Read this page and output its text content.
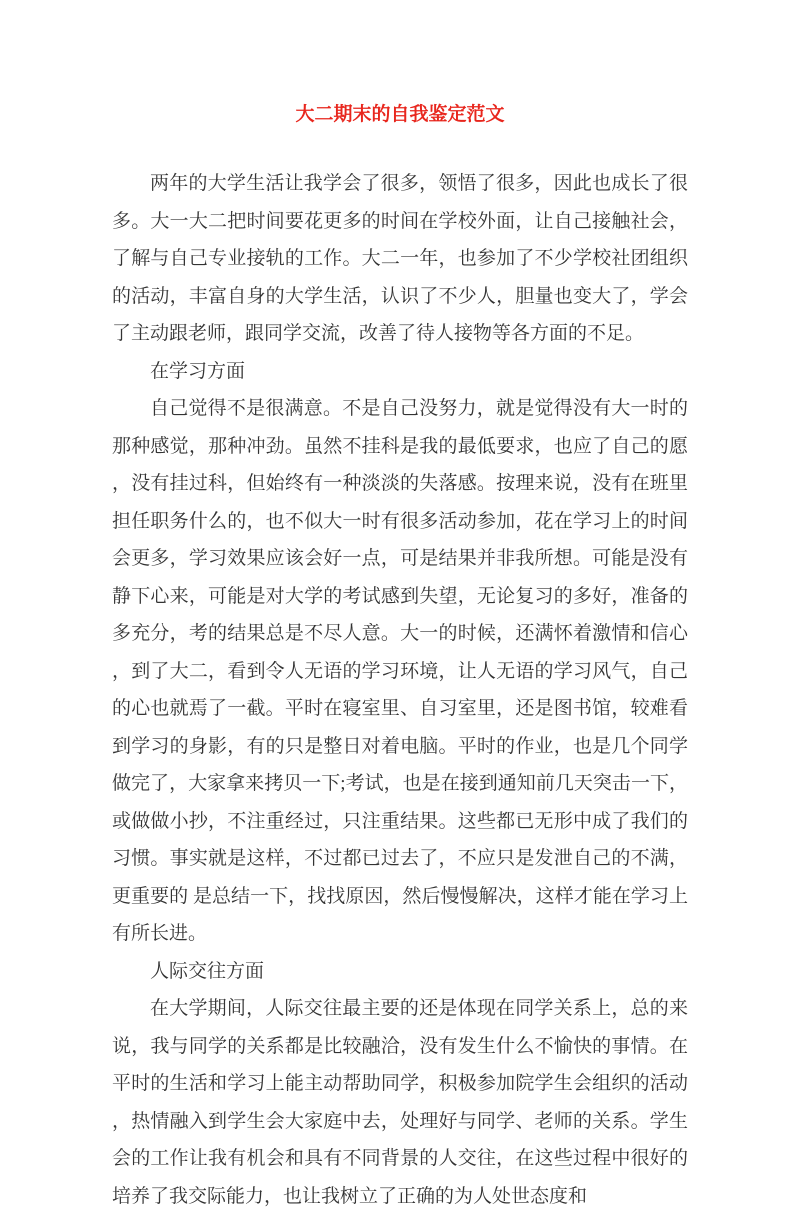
大二期末的自我鉴定范文

两年的大学生活让我学会了很多，领悟了很多，因此也成长了很多。大一大二把时间要花更多的时间在学校外面，让自己接触社会，了解与自己专业接轨的工作。大二一年，也参加了不少学校社团组织的活动，丰富自身的大学生活，认识了不少人，胆量也变大了，学会了主动跟老师，跟同学交流，改善了待人接物等各方面的不足。

在学习方面

自己觉得不是很满意。不是自己没努力，就是觉得没有大一时的那种感觉，那种冲劲。虽然不挂科是我的最低要求，也应了自己的愿，没有挂过科，但始终有一种淡淡的失落感。按理来说，没有在班里担任职务什么的，也不似大一时有很多活动参加，花在学习上的时间会更多，学习效果应该会好一点，可是结果并非我所想。可能是没有静下心来，可能是对大学的考试感到失望，无论复习的多好，准备的多充分，考的结果总是不尽人意。大一的时候，还满怀着激情和信心，到了大二，看到令人无语的学习环境，让人无语的学习风气，自己的心也就焉了一截。平时在寝室里、自习室里，还是图书馆，较难看到学习的身影，有的只是整日对着电脑。平时的作业，也是几个同学做完了，大家拿来拷贝一下;考试，也是在接到通知前几天突击一下，或做做小抄，不注重经过，只注重结果。这些都已无形中成了我们的习惯。事实就是这样，不过都已过去了，不应只是发泄自己的不满，更重要的 是总结一下，找找原因，然后慢慢解决，这样才能在学习上有所长进。

人际交往方面

在大学期间，人际交往最主要的还是体现在同学关系上，总的来说，我与同学的关系都是比较融洽，没有发生什么不愉快的事情。在平时的生活和学习上能主动帮助同学，积极参加院学生会组织的活动，热情融入到学生会大家庭中去，处理好与同学、老师的关系。学生会的工作让我有机会和具有不同背景的人交往，在这些过程中很好的培养了我交际能力，也让我树立了正确的为人处世态度和
